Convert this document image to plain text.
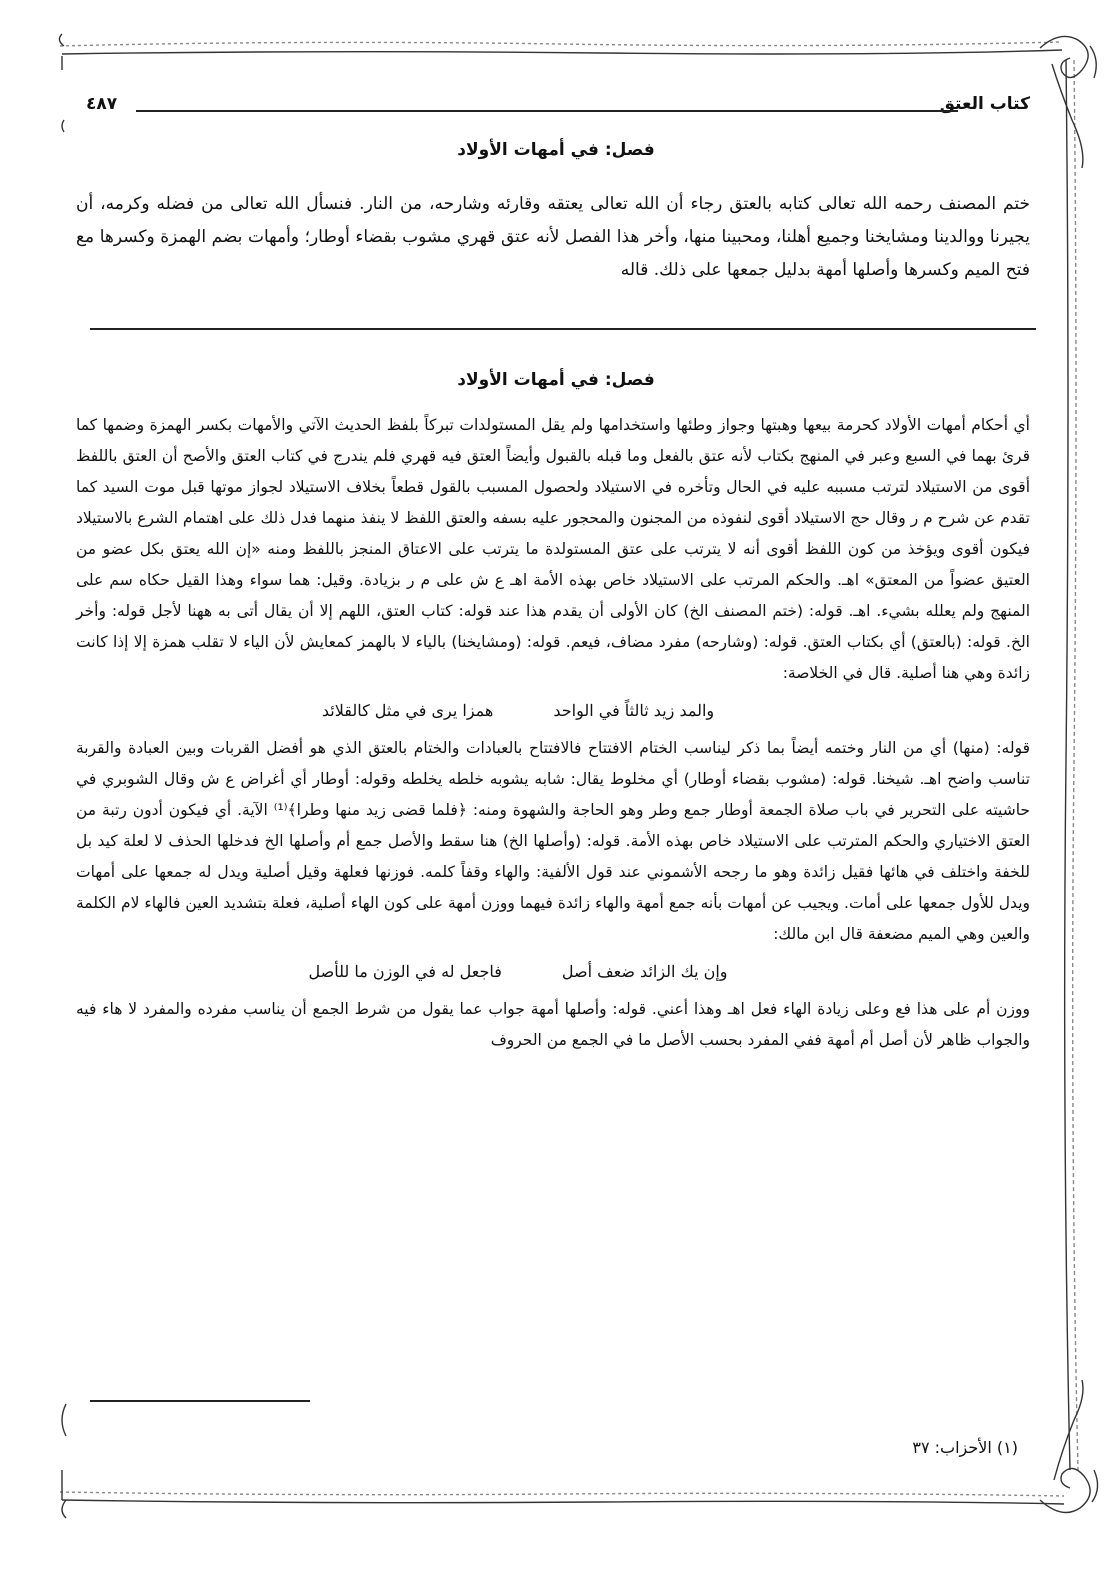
كتاب العتق
٤٨٧
فصل: في أمهات الأولاد

ختم المصنف رحمه الله تعالى كتابه بالعتق رجاء أن الله تعالى يعتقه وقارئه وشارحه، من النار. فنسأل الله تعالى من فضله وكرمه، أن يجيرنا ووالدينا ومشايخنا وجميع أهلنا، ومحبينا منها، وأخر هذا الفصل لأنه عتق قهري مشوب بقضاء أوطار؛ وأمهات بضم الهمزة وكسرها مع فتح الميم وكسرها وأصلها أمهة بدليل جمعها على ذلك. قاله

فصل: في أمهات الأولاد

أي أحكام أمهات الأولاد كحرمة بيعها وهبتها وجواز وطئها واستخدامها ولم يقل المستولدات تبركاً بلفظ الحديث الآتي والأمهات بكسر الهمزة وضمها كما قرئ بهما في السبع وعبر في المنهج بكتاب لأنه عتق بالفعل وما قبله بالقبول وأيضاً العتق فيه قهري فلم يندرج في كتاب العتق والأصح أن العتق باللفظ أقوى من الاستيلاد لترتب مسببه عليه في الحال وتأخره في الاستيلاد ولحصول المسبب بالقول قطعاً بخلاف الاستيلاد لجواز موتها قبل موت السيد كما تقدم عن شرح م ر وقال حج الاستيلاد أقوى لنفوذه من المجنون والمحجور عليه بسفه والعتق اللفظ لا ينفذ منهما فدل ذلك على اهتمام الشرع بالاستيلاد فيكون أقوى ويؤخذ من كون اللفظ أقوى أنه لا يترتب على عتق المستولدة ما يترتب على الاعتاق المنجز باللفظ ومنه «إن الله يعتق بكل عضو من العتيق عضواً من المعتق» اهـ. والحكم المرتب على الاستيلاد خاص بهذه الأمة اهـ ع ش على م ر بزيادة. وقيل: هما سواء وهذا القيل حكاه سم على المنهج ولم يعلله بشيء. اهـ. قوله: (ختم المصنف الخ) كان الأولى أن يقدم هذا عند قوله: كتاب العتق، اللهم إلا أن يقال أتى به ههنا لأجل قوله: وأخر الخ. قوله: (بالعتق) أي بكتاب العتق. قوله: (وشارحه) مفرد مضاف، فيعم. قوله: (ومشايخنا) بالياء لا بالهمز كمعايش لأن الياء لا تقلب همزة إلا إذا كانت زائدة وهي هنا أصلية. قال في الخلاصة:

والمد زيد ثالثاً في الواحد
همزا يرى في مثل كالقلائد

قوله: (منها) أي من النار وختمه أيضاً بما ذكر ليناسب الختام الافتتاح فالافتتاح بالعبادات والختام بالعتق الذي هو أفضل القربات وبين العبادة والقربة تناسب واضح اهـ. شيخنا. قوله: (مشوب بقضاء أوطار) أي مخلوط يقال: شابه يشوبه خلطه يخلطه وقوله: أوطار أي أغراض ع ش وقال الشوبري في حاشيته على التحرير في باب صلاة الجمعة أوطار جمع وطر وهو الحاجة والشهوة ومنه: ﴿فلما قضى زيد منها وطرا﴾⁽¹⁾ الآية. أي فيكون أدون رتبة من العتق الاختياري والحكم المترتب على الاستيلاد خاص بهذه الأمة. قوله: (وأصلها الخ) هنا سقط والأصل جمع أم وأصلها الخ فدخلها الحذف لا لعلة كيد بل للخفة واختلف في هائها فقيل زائدة وهو ما رجحه الأشموني عند قول الألفية: والهاء وقفاً كلمه. فوزنها فعلهة وقيل أصلية ويدل له جمعها على أمهات ويدل للأول جمعها على أمات. ويجيب عن أمهات بأنه جمع أمهة والهاء زائدة فيهما ووزن أمهة على كون الهاء أصلية، فعلة بتشديد العين فالهاء لام الكلمة والعين وهي الميم مضعفة قال ابن مالك:

وإن يك الزائد ضعف أصل
فاجعل له في الوزن ما للأصل

ووزن أم على هذا فع وعلى زيادة الهاء فعل اهـ وهذا أعني. قوله: وأصلها أمهة جواب عما يقول من شرط الجمع أن يناسب مفرده والمفرد لا هاء فيه والجواب ظاهر لأن أصل أم أمهة ففي المفرد بحسب الأصل ما في الجمع من الحروف

(١) الأحزاب: ٣٧
